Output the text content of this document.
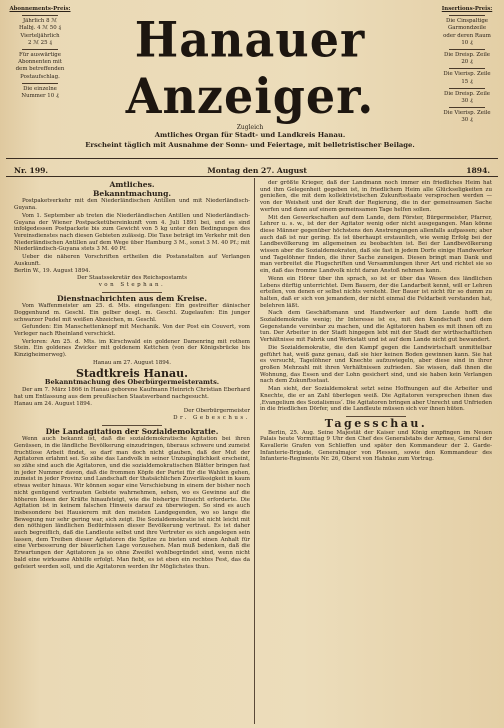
Abonnements-Preis:
Jährlich 8 ℳ
Halbj. 4 ℳ 50 ₰
Vierteljährlich
2 ℳ 25 ₰
Für auswärtige
Abonnenten mit
dem betreffenden
Postaufschlag.
Die einzelne
Nummer 10 ₰
Insertions-Preis:
Die Cinspaltige
Garmondzeile
oder deren Raum
10 ₰
Die Dreisp. Zeile
20 ₰
Die Vierisp. Zeile
15 ₰
Die Dreisp. Zeile
30 ₰
Die Vierisp. Zeile
30 ₰
Hanauer Anzeiger.
Zugleich
Amtliches Organ für Stadt- und Landkreis Hanau.
Erscheint täglich mit Ausnahme der Sonn- und Feiertage, mit belletristischer Beilage.
Nr. 199.	Montag den 27. August	1894.
Amtliches.
Bekanntmachung.

Postpaketverkehr mit den Niederländischen Antillen und mit Niederländisch-Guyana.

Vom 1. September ab treten die Niederländischen Antillen und Niederländisch-Guyana der Wiener Postpacketübereinkunft vom 4. Juli 1891 bei, und es sind infolgedessen Postpackete bis zum Gewicht von 5 kg unter den Bedingungen des Vereinsdienstes nach diesen Gebieten zulässig. Die Taxe beträgt im Verkehr mit den Niederländischen Antillen auf dem Wege über Hamburg 3 M., sonst 3 M. 40 Pf.; mit Niederländisch-Guyana stets 3 M. 40 Pf.

Ueber die näheren Vorschriften ertheilen die Postanstalten auf Verlangen Auskunft.

Berlin W., 19. August 1894.
Der Staatssekretär des Reichspostamts
von Stephan.
Dienstnachrichten aus dem Kreise.

Vom Waffenmeister am 25. d. Mts. eingefangen: Ein gestreifter dänischer Doggenhund m. Geschl. Ein gelber desgl. m. Geschl. Zugelaufen: Ein junger schwarzer Pudel mit weißen Abzeichen, m. Geschl.

Gefunden: Ein Manschettenknopf mit Mechanik. Von der Post ein Couvert, vom Verleger nach Rheinland verschickt.

Verloren: Am 25. d. Mts. im Kirschwald ein goldener Damenring mit rothem Stein. Ein goldenes Zwicker mit goldenem Kettchen (von der Königsbrücke bis Kinzigheimerweg).

Hanau am 27. August 1894.
Stadtkreis Hanau.
Bekanntmachung des Oberbürgermeisteramts.

Der am 7. März 1866 in Hanau geborene Kaufmann Heinrich Christian Eberhard hat um Entlassung aus dem preußischen Staatsverband nachgesucht.

Hanau am 24. August 1894.
Der Oberbürgermeister
Dr. Gebeschus.
Die Landagitation der Sozialdemokratie.

Wenn auch bekannt ist, daß die sozialdemokratische Agitation bei ihren Genüssen, in die ländliche Bevölkerung einzudringen, überaus schwere und zumeist fruchtlose Arbeit findet, so darf man doch nicht glauben, daß der Mut der Agitatoren erlahmt sei. So zähe das Landvolk in seiner Unzugänglichkeit erscheint, so zähe sind auch die Agitatoren, und die sozialdemokratischen Blätter bringen fast in jeder Nummer davon, daß die frommen Köpfe der Partei für die Wahlen gehen, zumeist in jeder Provinz und Landschaft der thatsächlichen Zuverlässigkeit in kaum etwas weiter hinaus. Wir können sogar eine Verschiebung in einem der bisher noch nicht genügend vertrauten Gebiete wahrnehmen, sehen, wo es Gewinne auf die höheren Ideen der Kräfte hinaufsteigt, wie die bisherige Einsicht erforderte. Die Agitation ist in keinem falschen Hinweis darauf zu überwiegen. So sind es auch insbesondere bei Hausierern mit den meisten Landgegenden, wo so lange die Bewegung nur sehr gering war, sich zeigt. Die Sozialdemokratie ist nicht leicht mit den nöthigen ländlichen Bedürfnissen dieser Bevölkerung vertraut. Es ist daher auch begreiflich, daß die Landleute selbst und ihre Vertreter es sich angelegen sein lassen, dem Treiben dieser Agitatoren die Spitze zu bieten und einen Anhalt für eine Verbesserung der bäuerlichen Lage vorzusehen. Man muß bedenken, daß die Erwartungen der Agitatoren ja so ohne Zweifel wohlbegründet sind, wenn nicht bald eine wirksame Abhilfe erfolgt. Man fiebt, es ist eben ein rechtes Fest, das da gefeiert werden soll, und die Agitatoren werden ihr Möglichstes thun.

der größte Krieger, daß der Landmann noch immer ein friedliches Heim hat und ihm Gelegenheit gegeben ist, in friedlichem Heim alle Glückseligkeiten zu genießen, die mit dem kollektivistischen Zukunftsstaate versprochen werden — von der Weisheit und der Kraft der Regierung, die in der gemeinsamen Sache werfen und dann auf einem gemeinsamen Tage helfen sollen.

Mit den Gewerkschaften auf dem Lande, dem Förster, Bürgermeister, Pfarrer, Lehrer u. s. w., ist der der Agitator wenig oder nicht ausgegangen. Man könne diese Männer gegenüber höchstens den Anstrengungen allenfalls aufpassen; aber auch daß ist nur gering. Es ist überhaupt erstaunlich, wie wenig Erfolg bei der Landbevölkerung im allgemeinen zu beobachten ist. Bei der Landbevölkerung wissen aber die Sozialdemokraten, daß sie fast in jedem Dorfe einige Handwerker und Tagelöhner finden, die ihrer Sache zuneigen. Diesen bringt man Dank und man verbreitet die Flugschriften und Versammlungen ihrer Art und richtet sie so ein, daß das fromme Landvolk nicht daran Anstoß nehmen kann.

Wenn ein Hörer über ihn sprach, so ist er über das Wesen des ländlichen Lebens dürftig unterrichtet. Dem Bauern, der die Landarbeit kennt, will er Lehren erteilen, von denen er selbst nichts versteht. Der Bauer ist nicht für so dumm zu halten, daß er sich von jemandem, der nicht einmal die Feldarbeit verstanden hat, belehren läßt.

Nach dem Geschäftsmann und Handwerker auf dem Lande hofft die Sozialdemokratie wenig; ihr Interesse ist es, mit den Kundschaft und dem Gegenstande vereinbar zu machen, und die Agitatoren haben es mit ihnen oft zu tun. Der Arbeiter in der Stadt hingegen lebt mit der Stadt der wirthschaftlichen Verhältnisse mit Fabrik und Werkstatt und ist auf dem Lande nicht gut bewandert.

Die Sozialdemokratie, die den Kampf gegen die Landwirtschaft unmittelbar geführt hat, weiß ganz genau, daß sie hier keinen Boden gewinnen kann. Sie hat es versucht, Tagelöhner und Knechte aufzuwiegeln, aber diese sind in ihrer großen Mehrzahl mit ihren Verhältnissen zufrieden. Sie wissen, daß ihnen die Wohnung, das Essen und der Lohn gesichert sind, und sie haben kein Verlangen nach dem Zukunftsstaat.

Man sieht, der Sozialdemokrat setzt seine Hoffnungen auf die Arbeiter und Knechte, die er an Zahl überlegen weiß. Die Agitatoren versprechen ihnen das ‚Evangelium des Sozialismus‘. Die Agitatoren bringen aber Unrecht und Unfrieden in die friedlichen Dörfer, und die Landleute müssen sich vor ihnen hüten.

Tagesschau.

Berlin, 25. Aug. Seine Majestät der Kaiser und König empfingen im Neuen Palais heute Vormittag 9 Uhr den Chef des Generalstabs der Armee, General der Kavallerie Grafen von Schlieffen und später den Kommandeur der 2. Garde-Infanterie-Brigade, Generalmajor von Plessen, sowie den Kommandeur des Infanterie-Regiments Nr. 26, Oberst von Hahnke zum Vortrag.
